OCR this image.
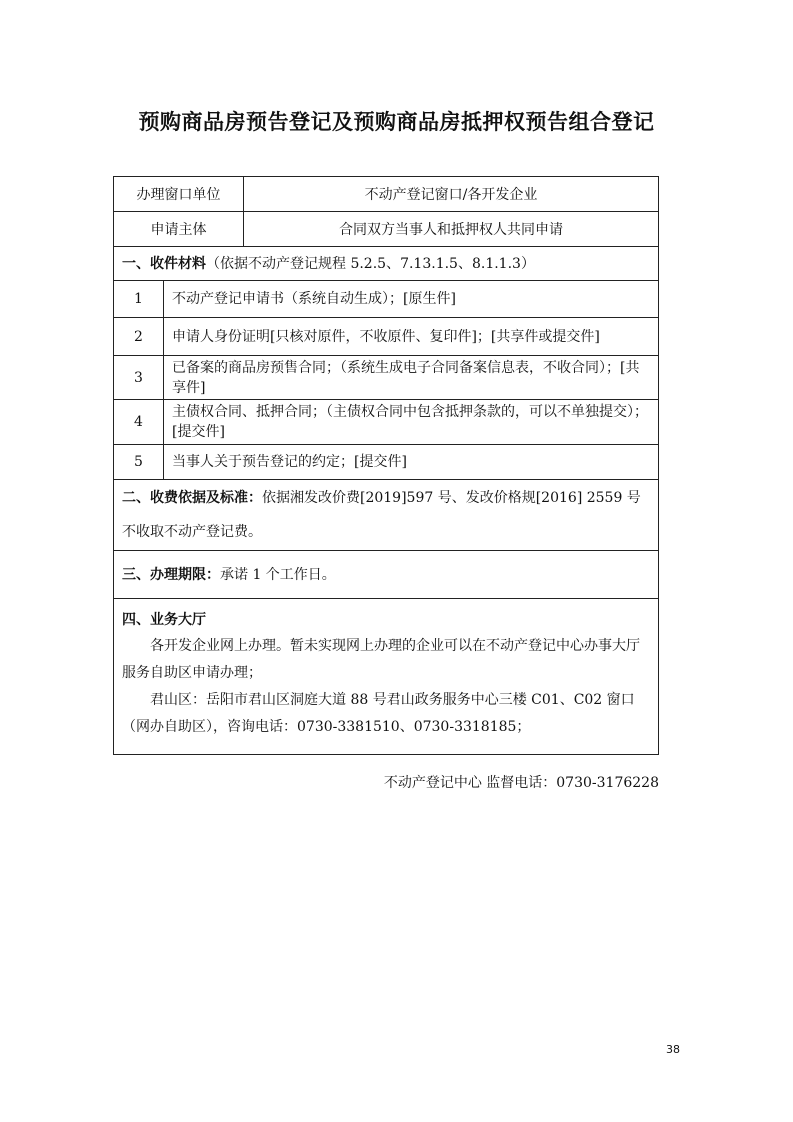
预购商品房预告登记及预购商品房抵押权预告组合登记
办理窗口单位		不动产登记窗口/各开发企业
申请主体		合同双方当事人和抵押权人共同申请
一、收件材料（依据不动产登记规程 5.2.5、7.13.1.5、8.1.1.3）		
1	不动产登记申请书（系统自动生成）；[原生件]	
2	申请人身份证明[只核对原件，不收原件、复印件]；[共享件或提交件]	
3	已备案的商品房预售合同；（系统生成电子合同备案信息表，不收合同）；[共享件]	
4	主债权合同、抵押合同；（主债权合同中包含抵押条款的，可以不单独提交）；[提交件]	
5	当事人关于预告登记的约定；[提交件]	
二、收费依据及标准：依据湘发改价费[2019]597 号、发改价格规[2016] 2559 号不收取不动产登记费。		
三、办理期限：承诺 1 个工作日。		

四、业务大厅
各开发企业网上办理。暂未实现网上办理的企业可以在不动产登记中心办事大厅服务自助区申请办理；
君山区：岳阳市君山区洞庭大道 88 号君山政务服务中心三楼 C01、C02 窗口（网办自助区），咨询电话：0730-3381510、0730-3318185；		
不动产登记中心 监督电话：0730-3176228
38
